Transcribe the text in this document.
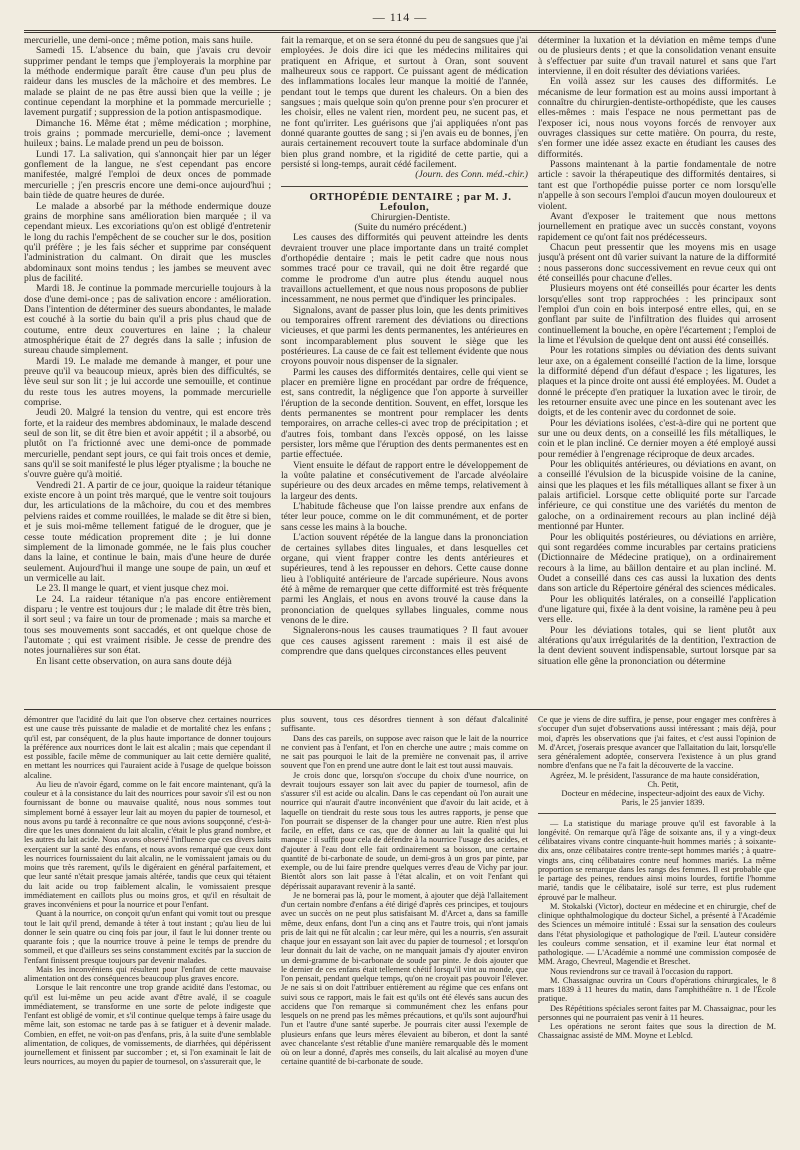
— 114 —

mercurielle, une demi-once ; même potion, mais sans huile.

Samedi 15. L'absence du bain, que j'avais cru devoir supprimer pendant le temps que j'employerais la morphine par la méthode endermique paraît être cause d'un peu plus de raideur dans les muscles de la mâchoire et des membres. Le malade se plaint de ne pas être aussi bien que la veille ; je continue cependant la morphine et la pommade mercurielle ; lavement purgatif ; suppression de la potion antispasmodique.

Dimanche 16. Même état ; même médication ; morphine, trois grains ; pommade mercurielle, demi-once ; lavement huileux ; bains. Le malade prend un peu de boisson.

Lundi 17. La salivation, qui s'annonçait hier par un léger gonflement de la langue, ne s'est cependant pas encore manifestée, malgré l'emploi de deux onces de pommade mercurielle ; j'en prescris encore une demi-once aujourd'hui ; bain tiède de quatre heures de durée.

Le malade a absorbé par la méthode endermique douze grains de morphine sans amélioration bien marquée ; il va cependant mieux. Les excoriations qu'on est obligé d'entretenir le long du rachis l'empêchent de se coucher sur le dos, position qu'il préfère ; je les fais sécher et supprime par conséquent l'administration du calmant. On dirait que les muscles abdominaux sont moins tendus ; les jambes se meuvent avec plus de facilité.

Mardi 18. Je continue la pommade mercurielle toujours à la dose d'une demi-once ; pas de salivation encore : amélioration. Dans l'intention de déterminer des sueurs abondantes, le malade est couché à la sortie du bain qu'il a pris plus chaud que de coutume, entre deux couvertures en laine ; la chaleur atmosphérique était de 27 degrés dans la salle ; infusion de sureau chaude simplement.

Mardi 19. Le malade me demande à manger, et pour une preuve qu'il va beaucoup mieux, après bien des difficultés, se lève seul sur son lit ; je lui accorde une semouille, et continue du reste tous les autres moyens, la pommade mercurielle comprise.

Jeudi 20. Malgré la tension du ventre, qui est encore très forte, et la raideur des membres abdominaux, le malade descend seul de son lit, se dit être bien et avoir appétit ; il a absorbé, ou plutôt on l'a frictionné avec une demi-once de pommade mercurielle, pendant sept jours, ce qui fait trois onces et demie, sans qu'il se soit manifesté le plus léger ptyalisme ; la bouche ne s'ouvre guère qu'à moitié.

Vendredi 21. A partir de ce jour, quoique la raideur tétanique existe encore à un point très marqué, que le ventre soit toujours dur, les articulations de la mâchoire, du cou et des membres pelviens raides et comme rouillées, le malade se dit être si bien, et je suis moi-même tellement fatigué de le droguer, que je cesse toute médication proprement dite ; je lui donne simplement de la limonade gommée, ne le fais plus coucher dans la laine, et continue le bain, mais d'une heure de durée seulement. Aujourd'hui il mange une soupe de pain, un œuf et un vermicelle au lait.

Le 23. Il mange le quart, et vient jusque chez moi.

Le 24. La raideur tétanique n'a pas encore entièrement disparu ; le ventre est toujours dur ; le malade dit être très bien, il sort seul ; va faire un tour de promenade ; mais sa marche et tous ses mouvements sont saccadés, et ont quelque chose de l'automate ; qui est vraiment risible. Je cesse de prendre des notes journalières sur son état.

En lisant cette observation, on aura sans doute déjà

fait la remarque, et on se sera étonné du peu de sangsues que j'ai employées. Je dois dire ici que les médecins militaires qui pratiquent en Afrique, et surtout à Oran, sont souvent malheureux sous ce rapport. Ce puissant agent de médication des inflammations locales leur manque la moitié de l'année, pendant tout le temps que durent les chaleurs. On a bien des sangsues ; mais quelque soin qu'on prenne pour s'en procurer et les choisir, elles ne valent rien, mordent peu, ne sucent pas, et ne font qu'irriter. Les guérisons que j'ai appliquées n'ont pas donné quarante gouttes de sang ; si j'en avais eu de bonnes, j'en aurais certainement recouvert toute la surface abdominale d'un bien plus grand nombre, et la rigidité de cette partie, qui a persisté si long-temps, aurait cédé facilement.

(Journ. des Conn. méd.-chir.)

ORTHOPÉDIE DENTAIRE ; par M. J. Lefoulon,

Chirurgien-Dentiste.

(Suite du numéro précédent.)

Les causes des difformités qui peuvent atteindre les dents devraient trouver une place importante dans un traité complet d'orthopédie dentaire ; mais le petit cadre que nous nous sommes tracé pour ce travail, qui ne doit être regardé que comme le prodrome d'un autre plus étendu auquel nous travaillons actuellement, et que nous nous proposons de publier incessamment, ne nous permet que d'indiquer les principales.

Signalons, avant de passer plus loin, que les dents primitives ou temporaires offrent rarement des déviations ou directions vicieuses, et que parmi les dents permanentes, les antérieures en sont incomparablement plus souvent le siège que les postérieures. La cause de ce fait est tellement évidente que nous croyons pouvoir nous dispenser de la signaler.

Parmi les causes des difformités dentaires, celle qui vient se placer en première ligne en procédant par ordre de fréquence, est, sans contredit, la négligence que l'on apporte à surveiller l'éruption de la seconde dentition. Souvent, en effet, lorsque les dents permanentes se montrent pour remplacer les dents temporaires, on arrache celles-ci avec trop de précipitation ; et d'autres fois, tombant dans l'excès opposé, on les laisse persister, lors même que l'éruption des dents permanentes est en partie effectuée.

Vient ensuite le défaut de rapport entre le développement de la voûte palatine et consécutivement de l'arcade alvéolaire supérieure ou des deux arcades en même temps, relativement à la largeur des dents.

L'habitude fâcheuse que l'on laisse prendre aux enfans de téter leur pouce, comme on le dit communément, et de porter sans cesse les mains à la bouche.

L'action souvent répétée de la langue dans la prononciation de certaines syllabes dites linguales, et dans lesquelles cet organe, qui vient frapper contre les dents antérieures et supérieures, tend à les repousser en dehors. Cette cause donne lieu à l'obliquité antérieure de l'arcade supérieure. Nous avons été à même de remarquer que cette difformité est très fréquente parmi les Anglais, et nous en avons trouvé la cause dans la prononciation de quelques syllabes linguales, comme nous venons de le dire.

Signalerons-nous les causes traumatiques ? Il faut avouer que ces causes agissent rarement : mais il est aisé de comprendre que dans quelques circonstances elles peuvent

déterminer la luxation et la déviation en même temps d'une ou de plusieurs dents ; et que la consolidation venant ensuite à s'effectuer par suite d'un travail naturel et sans que l'art intervienne, il en doit résulter des déviations variées.

En voilà assez sur les causes des difformités. Le mécanisme de leur formation est au moins aussi important à connaître du chirurgien-dentiste-orthopédiste, que les causes elles-mêmes : mais l'espace ne nous permettant pas de l'exposer ici, nous nous voyons forcés de renvoyer aux ouvrages classiques sur cette matière. On pourra, du reste, s'en former une idée assez exacte en étudiant les causes des difformités.

Passons maintenant à la partie fondamentale de notre article : savoir la thérapeutique des difformités dentaires, si tant est que l'orthopédie puisse porter ce nom lorsqu'elle n'appelle à son secours l'emploi d'aucun moyen douloureux et violent.

Avant d'exposer le traitement que nous mettons journellement en pratique avec un succès constant, voyons rapidement ce qu'ont fait nos prédécesseurs.

Chacun peut pressentir que les moyens mis en usage jusqu'à présent ont dû varier suivant la nature de la difformité : nous passerons donc successivement en revue ceux qui ont été conseillés pour chacune d'elles.

Plusieurs moyens ont été conseillés pour écarter les dents lorsqu'elles sont trop rapprochées : les principaux sont l'emploi d'un coin en bois interposé entre elles, qui, en se gonflant par suite de l'infiltration des fluides qui arrosent continuellement la bouche, en opère l'écartement ; l'emploi de la lime et l'évulsion de quelque dent ont aussi été conseillés.

Pour les rotations simples ou déviation des dents suivant leur axe, on a également conseillé l'action de la lime, lorsque la difformité dépend d'un défaut d'espace ; les ligatures, les plaques et la pince droite ont aussi été employées. M. Oudet a donné le précepte d'en pratiquer la luxation avec le tiroir, de les retourner ensuite avec une pince en les soutenant avec les doigts, et de les contenir avec du cordonnet de soie.

Pour les déviations isolées, c'est-à-dire qui ne portent que sur une ou deux dents, on a conseillé les fils métalliques, le coin et le plan incliné. Ce dernier moyen a été employé aussi pour remédier à l'engrenage réciproque de deux arcades.

Pour les obliquités antérieures, ou déviations en avant, on a conseillé l'évulsion de la bicuspide voisine de la canine, ainsi que les plaques et les fils métalliques allant se fixer à un palais artificiel. Lorsque cette obliquité porte sur l'arcade inférieure, ce qui constitue une des variétés du menton de galoche, on a ordinairement recours au plan incliné déjà mentionné par Hunter.

Pour les obliquités postérieures, ou déviations en arrière, qui sont regardées comme incurables par certains praticiens (Dictionnaire de Médecine pratique), on a ordinairement recours à la lime, au bâillon dentaire et au plan incliné. M. Oudet a conseillé dans ces cas aussi la luxation des dents dans son article du Répertoire général des sciences médicales.

Pour les obliquités latérales, on a conseillé l'application d'une ligature qui, fixée à la dent voisine, la ramène peu à peu vers elle.

Pour les déviations totales, qui se lient plutôt aux altérations qu'aux irrégularités de la dentition, l'extraction de la dent devient souvent indispensable, surtout lorsque par sa situation elle gêne la prononciation ou détermine

démontrer que l'acidité du lait que l'on observe chez certaines nourrices est une cause très puissante de maladie et de mortalité chez les enfans ; qu'il est, par conséquent, de la plus haute importance de donner toujours la préférence aux nourrices dont le lait est alcalin ; mais que cependant il est possible, facile même de communiquer au lait cette dernière qualité, en mettant les nourrices qui l'auraient acide à l'usage de quelque boisson alcaline.

Au lieu de n'avoir égard, comme on le fait encore maintenant, qu'à la couleur et à la consistance du lait des nourrices pour savoir s'il est ou non fournissant de bonne ou mauvaise qualité, nous nous sommes tout simplement borné à essayer leur lait au moyen du papier de tournesol, et nous avons pu tardé à reconnaître ce que nous avions soupçonné, c'est-à-dire que les unes donnaient du lait alcalin, c'était le plus grand nombre, et les autres du lait acide. Nous avons observé l'influence que ces divers laits exerçaient sur la santé des enfans, et nous avons remarqué que ceux dont les nourrices fournissaient du lait alcalin, ne le vomissaient jamais ou du moins que très rarement, qu'ils le digéraient en général parfaitement, et que leur santé n'était presque jamais altérée, tandis que ceux qui tétaient du lait acide ou trop faiblement alcalin, le vomissaient presque immédiatement en caillots plus ou moins gros, et qu'il en résultait de graves inconvéniens et pour la nourrice et pour l'enfant.

Quant à la nourrice, on conçoit qu'un enfant qui vomit tout ou presque tout le lait qu'il prend, demande à téter à tout instant ; qu'au lieu de lui donner le sein quatre ou cinq fois par jour, il faut le lui donner trente ou quarante fois ; que la nourrice trouve à peine le temps de prendre du sommeil, et que d'ailleurs ses seins constamment excités par la succion de l'enfant finissent presque toujours par devenir malades.

Mais les inconvéniens qui résultent pour l'enfant de cette mauvaise alimentation ont des conséquences beaucoup plus graves encore.

Lorsque le lait rencontre une trop grande acidité dans l'estomac, ou qu'il est lui-même un peu acide avant d'être avalé, il se coagule immédiatement, se transforme en une sorte de pelote indigeste que l'enfant est obligé de vomir, et s'il continue quelque temps à faire usage du même lait, son estomac ne tarde pas à se fatiguer et à devenir malade. Combien, en effet, ne voit-on pas d'enfans, pris, à la suite d'une semblable alimentation, de coliques, de vomissements, de diarrhées, qui dépérissent journellement et finissent par succomber ; et, si l'on examinait le lait de leurs nourrices, au moyen du papier de tournesol, on s'assurerait que, le

plus souvent, tous ces désordres tiennent à son défaut d'alcalinité suffisante.

Dans des cas pareils, on suppose avec raison que le lait de la nourrice ne convient pas à l'enfant, et l'on en cherche une autre ; mais comme on ne sait pas pourquoi le lait de la première ne convenait pas, il arrive souvent que l'on en prend une autre dont le lait est tout aussi mauvais.

Je crois donc que, lorsqu'on s'occupe du choix d'une nourrice, on devrait toujours essayer son lait avec du papier de tournesol, afin de s'assurer s'il est acide ou alcalin. Dans le cas cependant où l'on aurait une nourrice qui n'aurait d'autre inconvénient que d'avoir du lait acide, et à laquelle on tiendrait du reste sous tous les autres rapports, je pense que l'on pourrait se dispenser de la changer pour une autre. Rien n'est plus facile, en effet, dans ce cas, que de donner au lait la qualité qui lui manque : il suffit pour cela de défendre à la nourrice l'usage des acides, et d'ajouter à l'eau dont elle fait ordinairement sa boisson, une certaine quantité de bi-carbonate de soude, un demi-gros à un gros par pinte, par exemple, ou de lui faire prendre quelques verres d'eau de Vichy par jour. Bientôt alors son lait passe à l'état alcalin, et on voit l'enfant qui dépérissait auparavant revenir à la santé.

Je ne bornerai pas là, pour le moment, à ajouter que déjà l'allaitement d'un certain nombre d'enfans a été dirigé d'après ces principes, et toujours avec un succès on ne peut plus satisfaisant M. d'Arcet a, dans sa famille même, deux enfans, dont l'un a cinq ans et l'autre trois, qui n'ont jamais pris de lait qui ne fût alcalin ; car leur mère, qui les a nourris, s'en assurait chaque jour en essayant son lait avec du papier de tournesol ; et lorsqu'on leur donnait du lait de vache, on ne manquait jamais d'y ajouter environ un demi-gramme de bi-carbonate de soude par pinte. Je dois ajouter que le dernier de ces enfans était tellement chétif lorsqu'il vint au monde, que l'on pensait, pendant quelque temps, qu'on ne croyait pas pouvoir l'élever. Je ne sais si on doit l'attribuer entièrement au régime que ces enfans ont suivi sous ce rapport, mais le fait est qu'ils ont été élevés sans aucun des accidens que l'on remarque si communément chez les enfans pour lesquels on ne prend pas les mêmes précautions, et qu'ils sont aujourd'hui l'un et l'autre d'une santé superbe. Je pourrais citer aussi l'exemple de plusieurs enfans que leurs mères élevaient au biberon, et dont la santé avec chancelante s'est rétablie d'une manière remarquable dès le moment où on leur a donné, d'après mes conseils, du lait alcalisé au moyen d'une certaine quantité de bi-carbonate de soude.

Ce que je viens de dire suffira, je pense, pour engager mes confrères à s'occuper d'un sujet d'observations aussi intéressant ; mais déjà, pour moi, d'après les observations que j'ai faites, et c'est aussi l'opinion de M. d'Arcet, j'oserais presque avancer que l'allaitation du lait, lorsqu'elle sera généralement adoptée, conservera l'existence à un plus grand nombre d'enfans que ne l'a fait la découverte de la vaccine.

Agréez, M. le président, l'assurance de ma haute considération,

Ch. Petit,

Docteur en médecine, inspecteur-adjoint des eaux de Vichy.

Paris, le 25 janvier 1839.

— La statistique du mariage prouve qu'il est favorable à la longévité. On remarque qu'à l'âge de soixante ans, il y a vingt-deux célibataires vivans contre cinquante-huit hommes mariés ; à soixante-dix ans, onze célibataires contre trente-sept hommes mariés ; à quatre-vingts ans, cinq célibataires contre neuf hommes mariés. La même proportion se remarque dans les rangs des femmes. Il est probable que le partage des peines, rendues ainsi moins lourdes, fortifie l'homme marié, tandis que le célibataire, isolé sur terre, est plus rudement éprouvé par le malheur.

M. Stokalski (Victor), docteur en médecine et en chirurgie, chef de clinique ophthalmologique du docteur Sichel, a présenté à l'Académie des Sciences un mémoire intitulé : Essai sur la sensation des couleurs dans l'état physiologique et pathologique de l'œil. L'auteur considère les couleurs comme sensation, et il examine leur état normal et pathologique. — L'Académie a nommé une commission composée de MM. Arago, Chevreul, Magendie et Breschet.

Nous reviendrons sur ce travail à l'occasion du rapport.

M. Chassaignac ouvrira un Cours d'opérations chirurgicales, le 8 mars 1839 à 11 heures du matin, dans l'amphithéâtre n. 1 de l'École pratique.

Des Répétitions spéciales seront faites par M. Chassaignac, pour les personnes qui ne pourraient pas venir à 11 heures.

Les opérations ne seront faites que sous la direction de M. Chassaignac assisté de MM. Moyne et Leblcd.
